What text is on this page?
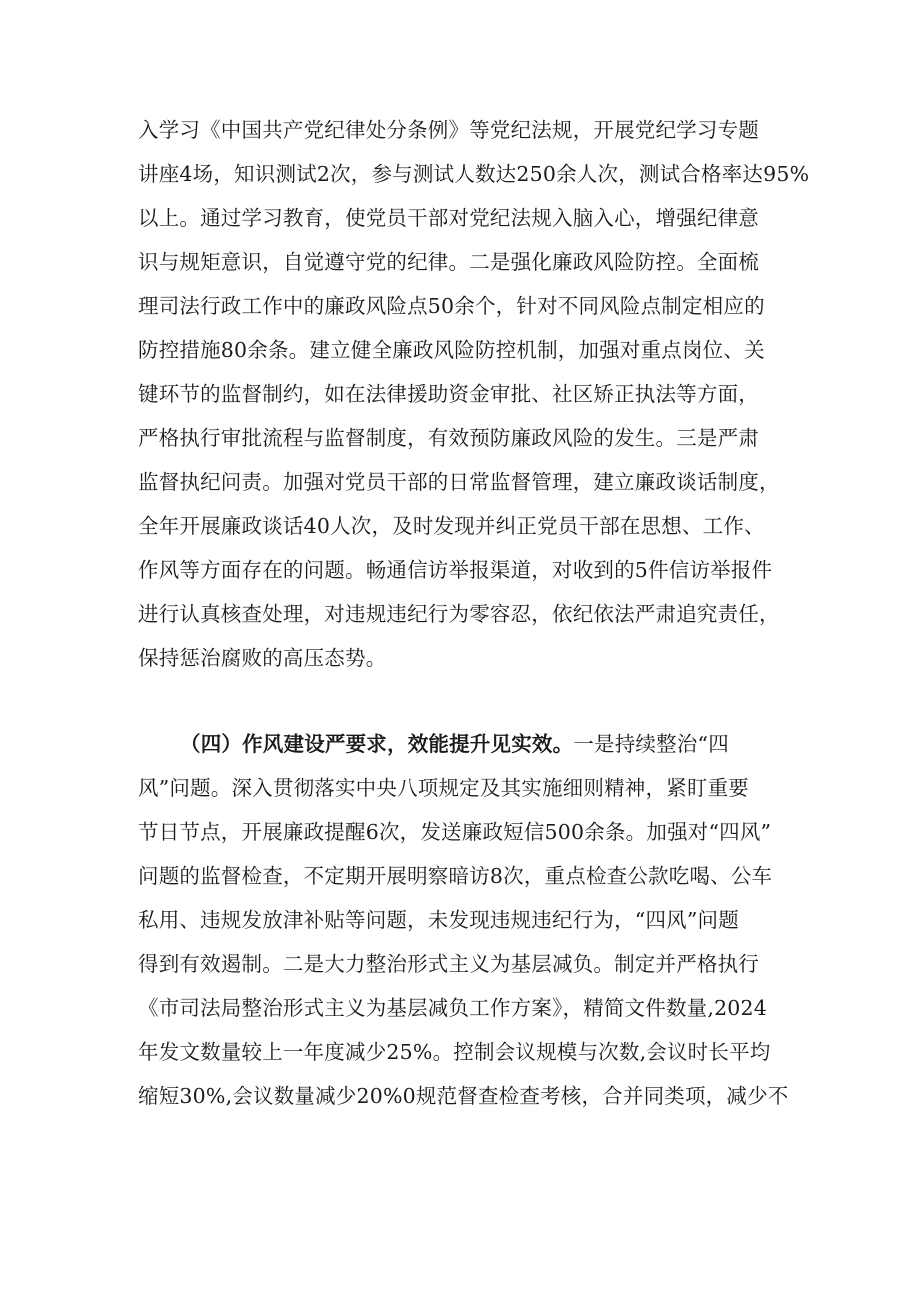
入学习《中国共产党纪律处分条例》等党纪法规，开展党纪学习专题
讲座4场，知识测试2次，参与测试人数达250余人次，测试合格率达95%
以上。通过学习教育，使党员干部对党纪法规入脑入心，增强纪律意
识与规矩意识，自觉遵守党的纪律。二是强化廉政风险防控。全面梳
理司法行政工作中的廉政风险点50余个，针对不同风险点制定相应的
防控措施80余条。建立健全廉政风险防控机制，加强对重点岗位、关
键环节的监督制约，如在法律援助资金审批、社区矫正执法等方面，
严格执行审批流程与监督制度，有效预防廉政风险的发生。三是严肃
监督执纪问责。加强对党员干部的日常监督管理，建立廉政谈话制度，
全年开展廉政谈话40人次，及时发现并纠正党员干部在思想、工作、
作风等方面存在的问题。畅通信访举报渠道，对收到的5件信访举报件
进行认真核查处理，对违规违纪行为零容忍，依纪依法严肃追究责任，
保持惩治腐败的高压态势。
（四）作风建设严要求，效能提升见实效。一是持续整治“四
风”问题。深入贯彻落实中央八项规定及其实施细则精神，紧盯重要
节日节点，开展廉政提醒6次，发送廉政短信500余条。加强对“四风”
问题的监督检查，不定期开展明察暗访8次，重点检查公款吃喝、公车
私用、违规发放津补贴等问题，未发现违规违纪行为，“四风”问题
得到有效遏制。二是大力整治形式主义为基层减负。制定并严格执行
《市司法局整治形式主义为基层减负工作方案》，精简文件数量,2024
年发文数量较上一年度减少25%。控制会议规模与次数,会议时长平均
缩短30%,会议数量减少20%0规范督查检查考核，合并同类项，减少不
